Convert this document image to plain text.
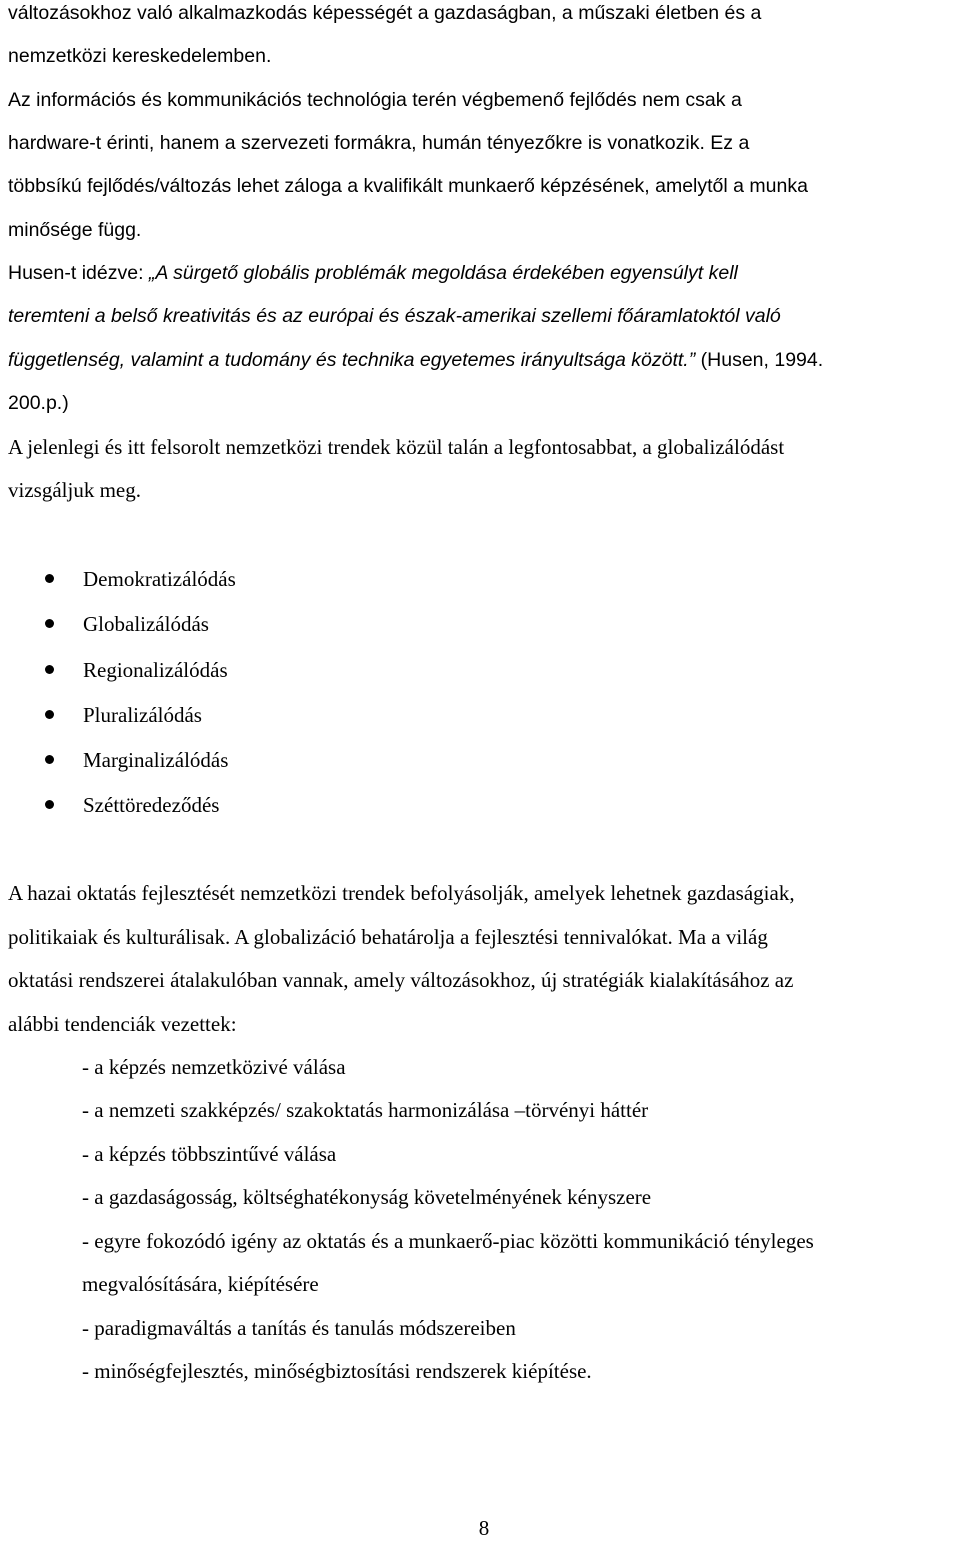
változásokhoz való alkalmazkodás képességét a gazdaságban, a műszaki életben és a
nemzetközi kereskedelemben.
Az információs és kommunikációs technológia terén végbemenő fejlődés nem csak a
hardware-t érinti, hanem a szervezeti formákra, humán tényezőkre is vonatkozik. Ez a
többsíkú fejlődés/változás lehet záloga a kvalifikált munkaerő képzésének, amelytől a munka
minősége függ.
Husen-t idézve: „A sürgető globális problémák megoldása érdekében egyensúlyt kell
teremteni a belső kreativitás és az európai és észak-amerikai szellemi főáramlatoktól való
függetlenség, valamint a tudomány és technika egyetemes irányultsága között.” (Husen, 1994.
200.p.)
A jelenlegi és itt felsorolt nemzetközi trendek közül talán a legfontosabbat, a globalizálódást
vizsgáljuk meg.
Demokratizálódás
Globalizálódás
Regionalizálódás
Pluralizálódás
Marginalizálódás
Széttöredeződés
A hazai oktatás fejlesztését nemzetközi trendek befolyásolják, amelyek lehetnek gazdaságiak,
politikaiak és kulturálisak. A globalizáció behatárolja a fejlesztési tennivalókat. Ma a világ
oktatási rendszerei átalakulóban vannak, amely változásokhoz, új stratégiák kialakításához az
alábbi tendenciák vezettek:
- a képzés nemzetközivé válása
- a nemzeti szakképzés/ szakoktatás harmonizálása –törvényi háttér
- a képzés többszintűvé válása
- a gazdaságosság, költséghatékonyság követelményének kényszere
- egyre fokozódó igény az oktatás és a munkaerő-piac közötti kommunikáció tényleges
megvalósítására, kiépítésére
- paradigmaváltás a tanítás és tanulás módszereiben
- minőségfejlesztés, minőségbiztosítási rendszerek kiépítése.
8
